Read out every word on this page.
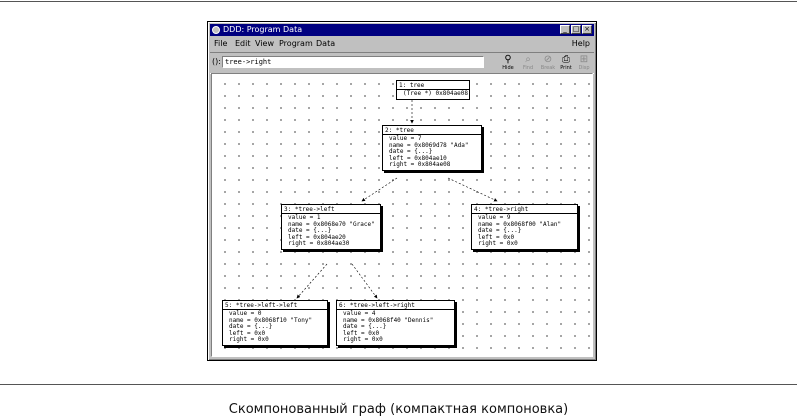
DDD: Program Data	_ □ ×
File Edit View Program Data	Help
(): tree->right	⚲
Hide
⌕
Find
⊘
Break
⎙
Print
⊞
Disp
1: tree
(Tree *) 0x804ae08
2: *tree
value = 7
name = 0x8069d78 "Ada"
date = {...}
left = 0x804ae10
right = 0x804ae08
3: *tree->left
value = 1
name = 0x8068e70 "Grace"
date = {...}
left = 0x804ae20
right = 0x804ae30
4: *tree->right
value = 9
name = 0x8068f00 "Alan"
date = {...}
left = 0x0
right = 0x0
5: *tree->left->left
value = 0
name = 0x8068f10 "Tony"
date = {...}
left = 0x0
right = 0x0
6: *tree->left->right
value = 4
name = 0x8068f40 "Dennis"
date = {...}
left = 0x0
right = 0x0
Скомпонованный граф (компактная компоновка)
